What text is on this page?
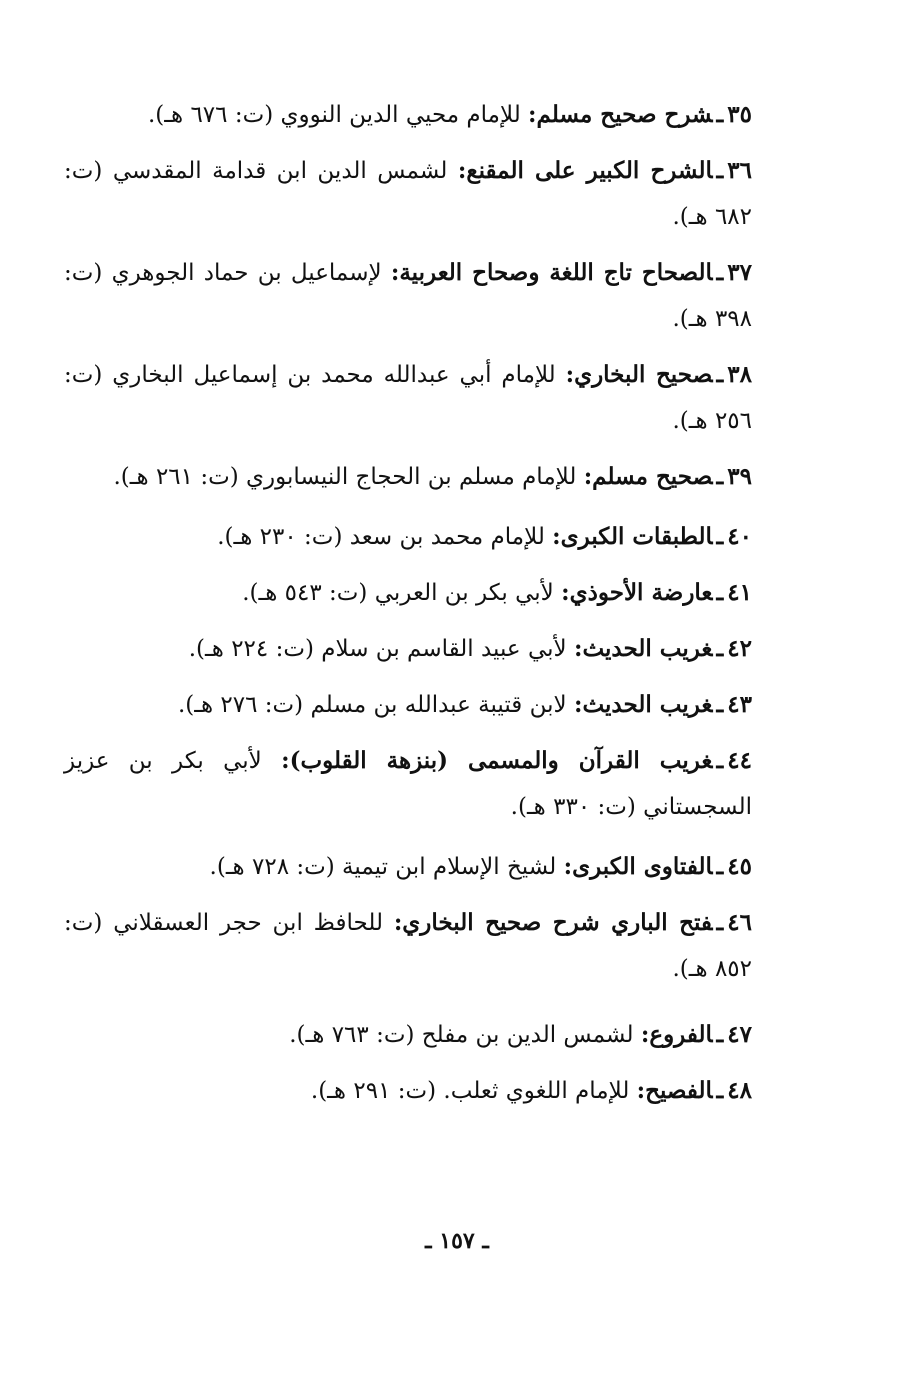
٣٥ـشرح صحيح مسلم: للإمام محيي الدين النووي (ت: ٦٧٦ هـ).

٣٦ـالشرح الكبير على المقنع: لشمس الدين ابن قدامة المقدسي (ت: ٦٨٢ هـ).

٣٧ـالصحاح تاج اللغة وصحاح العربية: لإسماعيل بن حماد الجوهري (ت: ٣٩٨ هـ).

٣٨ـصحيح البخاري: للإمام أبي عبدالله محمد بن إسماعيل البخاري (ت: ٢٥٦ هـ).

٣٩ـصحيح مسلم: للإمام مسلم بن الحجاج النيسابوري (ت: ٢٦١ هـ).

٤٠ـالطبقات الكبرى: للإمام محمد بن سعد (ت: ٢٣٠ هـ).

٤١ـعارضة الأحوذي: لأبي بكر بن العربي (ت: ٥٤٣ هـ).

٤٢ـغريب الحديث: لأبي عبيد القاسم بن سلام (ت: ٢٢٤ هـ).

٤٣ـغريب الحديث: لابن قتيبة عبدالله بن مسلم (ت: ٢٧٦ هـ).

٤٤ـغريب القرآن والمسمى (بنزهة القلوب): لأبي بكر بن عزيز السجستاني (ت: ٣٣٠ هـ).

٤٥ـالفتاوى الكبرى: لشيخ الإسلام ابن تيمية (ت: ٧٢٨ هـ).

٤٦ـفتح الباري شرح صحيح البخاري: للحافظ ابن حجر العسقلاني (ت: ٨٥٢ هـ).

٤٧ـالفروع: لشمس الدين بن مفلح (ت: ٧٦٣ هـ).

٤٨ـالفصيح: للإمام اللغوي ثعلب. (ت: ٢٩١ هـ).

ـ ١٥٧ ـ
